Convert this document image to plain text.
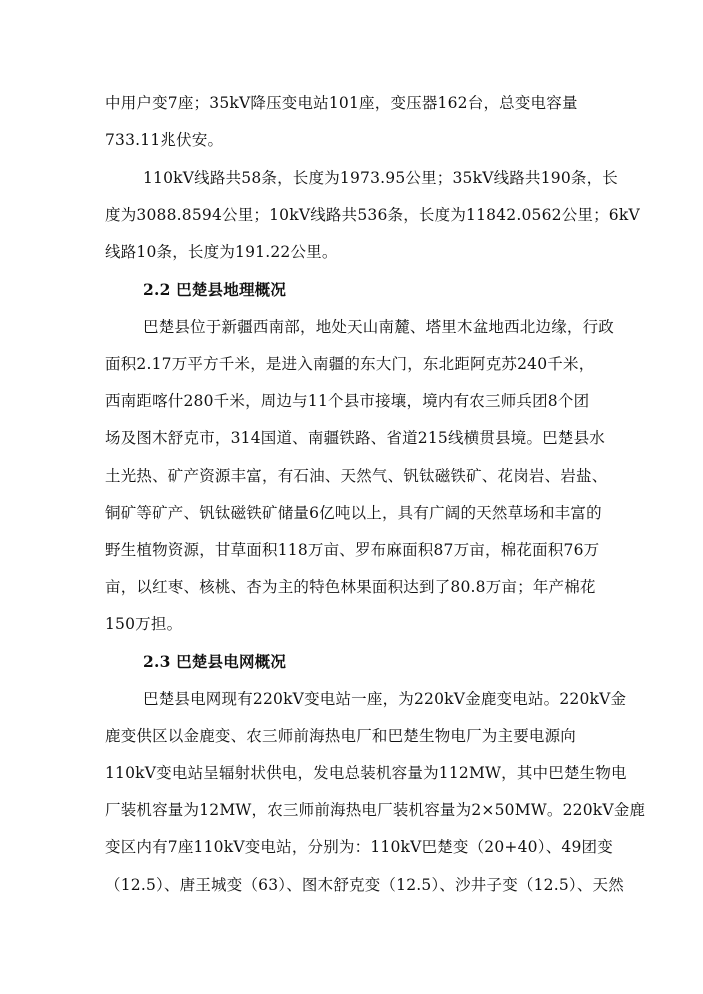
中用户变7座；35kV降压变电站101座，变压器162台，总变电容量
733.11兆伏安。
110kV线路共58条，长度为1973.95公里；35kV线路共190条，长
度为3088.8594公里；10kV线路共536条，长度为11842.0562公里；6kV
线路10条，长度为191.22公里。
2.2 巴楚县地理概况
巴楚县位于新疆西南部，地处天山南麓、塔里木盆地西北边缘，行政
面积2.17万平方千米，是进入南疆的东大门，东北距阿克苏240千米，
西南距喀什280千米，周边与11个县市接壤，境内有农三师兵团8个团
场及图木舒克市，314国道、南疆铁路、省道215线横贯县境。巴楚县水
土光热、矿产资源丰富，有石油、天然气、钒钛磁铁矿、花岗岩、岩盐、
铜矿等矿产、钒钛磁铁矿储量6亿吨以上，具有广阔的天然草场和丰富的
野生植物资源，甘草面积118万亩、罗布麻面积87万亩，棉花面积76万
亩，以红枣、核桃、杏为主的特色林果面积达到了80.8万亩；年产棉花
150万担。
2.3 巴楚县电网概况
巴楚县电网现有220kV变电站一座，为220kV金鹿变电站。220kV金
鹿变供区以金鹿变、农三师前海热电厂和巴楚生物电厂为主要电源向
110kV变电站呈辐射状供电，发电总装机容量为112MW，其中巴楚生物电
厂装机容量为12MW，农三师前海热电厂装机容量为2×50MW。220kV金鹿
变区内有7座110kV变电站，分别为：110kV巴楚变（20+40）、49团变
（12.5）、唐王城变（63）、图木舒克变（12.5）、沙井子变（12.5）、天然
